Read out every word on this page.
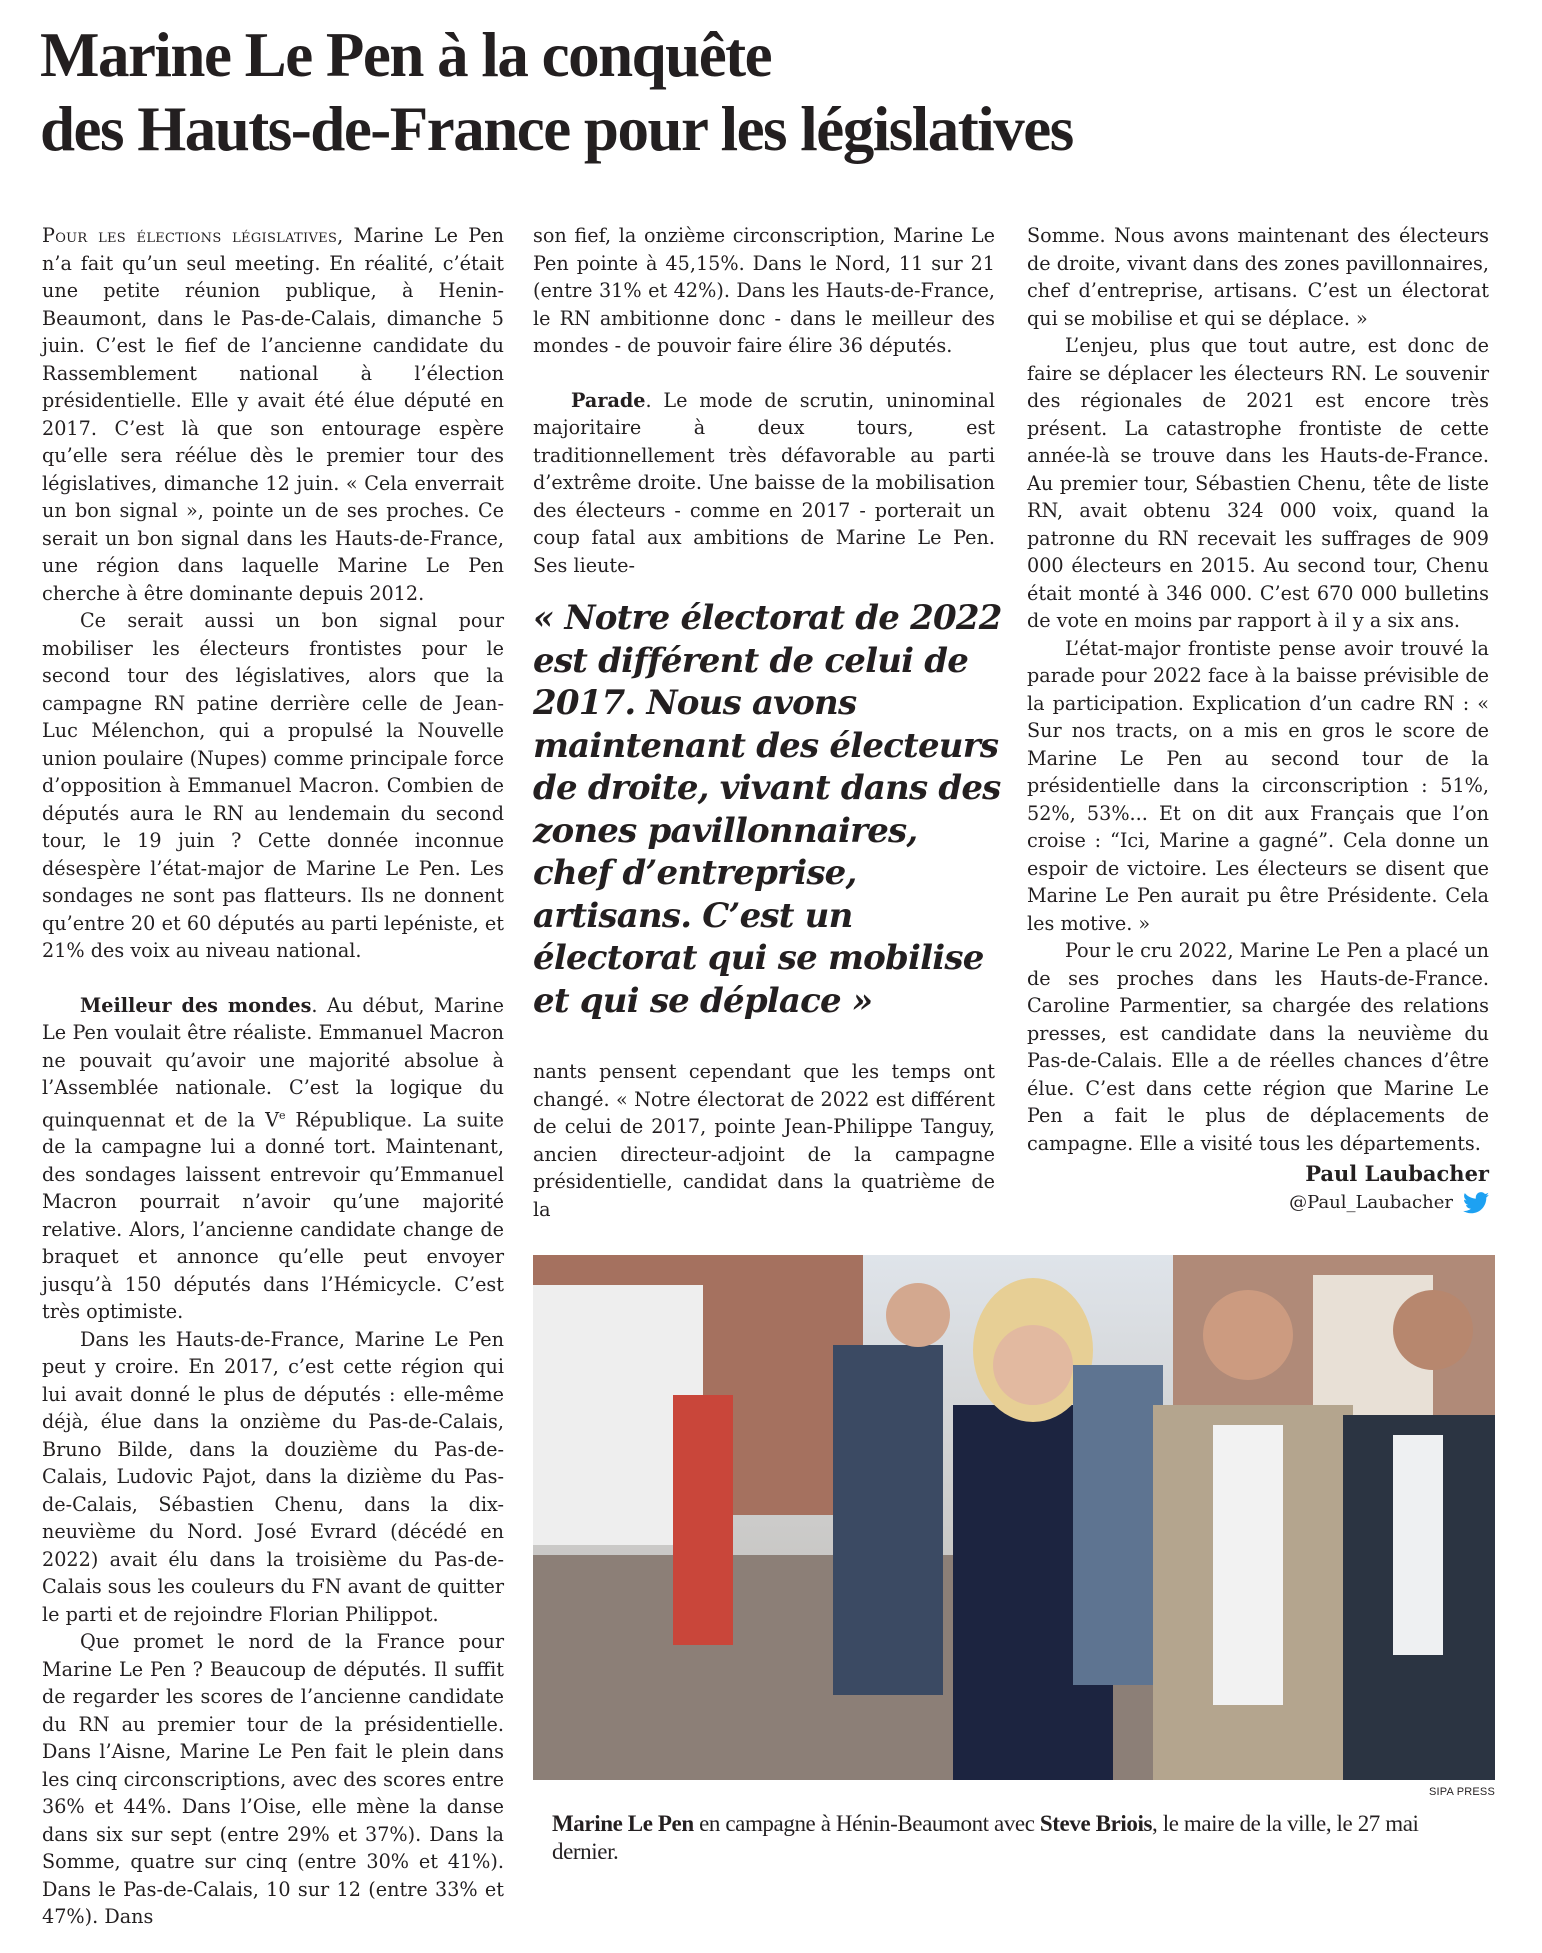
Marine Le Pen à la conquête
des Hauts-de-France pour les législatives

Pour les élections législatives, Marine Le Pen n’a fait qu’un seul meeting. En réalité, c’était une petite réunion publique, à Henin-Beaumont, dans le Pas-de-Calais, dimanche 5 juin. C’est le fief de l’ancienne candidate du Rassemblement national à l’élection présidentielle. Elle y avait été élue député en 2017. C’est là que son entourage espère qu’elle sera réélue dès le premier tour des législatives, dimanche 12 juin. « Cela enverrait un bon signal », pointe un de ses proches. Ce serait un bon signal dans les Hauts-de-France, une région dans laquelle Marine Le Pen cherche à être dominante depuis 2012.

Ce serait aussi un bon signal pour mobiliser les électeurs frontistes pour le second tour des législatives, alors que la campagne RN patine derrière celle de Jean-Luc Mélenchon, qui a propulsé la Nouvelle union poulaire (Nupes) comme principale force d’opposition à Emmanuel Macron. Combien de députés aura le RN au lendemain du second tour, le 19 juin ? Cette donnée inconnue désespère l’état-major de Marine Le Pen. Les sondages ne sont pas flatteurs. Ils ne donnent qu’entre 20 et 60 députés au parti lepéniste, et 21% des voix au niveau national.

Meilleur des mondes. Au début, Marine Le Pen voulait être réaliste. Emmanuel Macron ne pouvait qu’avoir une majorité absolue à l’Assemblée nationale. C’est la logique du quinquennat et de la Ve République. La suite de la campagne lui a donné tort. Maintenant, des sondages laissent entrevoir qu’Emmanuel Macron pourrait n’avoir qu’une majorité relative. Alors, l’ancienne candidate change de braquet et annonce qu’elle peut envoyer jusqu’à 150 députés dans l’Hémicycle. C’est très optimiste.

Dans les Hauts-de-France, Marine Le Pen peut y croire. En 2017, c’est cette région qui lui avait donné le plus de députés : elle-même déjà, élue dans la onzième du Pas-de-Calais, Bruno Bilde, dans la douzième du Pas-de-Calais, Ludovic Pajot, dans la dizième du Pas-de-Calais, Sébastien Chenu, dans la dix-neuvième du Nord. José Evrard (décédé en 2022) avait élu dans la troisième du Pas-de-Calais sous les couleurs du FN avant de quitter le parti et de rejoindre Florian Philippot.

Que promet le nord de la France pour Marine Le Pen ? Beaucoup de députés. Il suffit de regarder les scores de l’ancienne candidate du RN au premier tour de la présidentielle. Dans l’Aisne, Marine Le Pen fait le plein dans les cinq circonscriptions, avec des scores entre 36% et 44%. Dans l’Oise, elle mène la danse dans six sur sept (entre 29% et 37%). Dans la Somme, quatre sur cinq (entre 30% et 41%). Dans le Pas-de-Calais, 10 sur 12 (entre 33% et 47%). Dans

son fief, la onzième circonscription, Marine Le Pen pointe à 45,15%. Dans le Nord, 11 sur 21 (entre 31% et 42%). Dans les Hauts-de-France, le RN ambitionne donc - dans le meilleur des mondes - de pouvoir faire élire 36 députés.

Parade. Le mode de scrutin, uninominal majoritaire à deux tours, est traditionnellement très défavorable au parti d’extrême droite. Une baisse de la mobilisation des électeurs - comme en 2017 - porterait un coup fatal aux ambitions de Marine Le Pen. Ses lieute-

« Notre électorat de 2022 est différent de celui de 2017. Nous avons maintenant des électeurs de droite, vivant dans des zones pavillonnaires, chef d’entreprise, artisans. C’est un électorat qui se mobilise et qui se déplace »

nants pensent cependant que les temps ont changé. « Notre électorat de 2022 est différent de celui de 2017, pointe Jean-Philippe Tanguy, ancien directeur-adjoint de la campagne présidentielle, candidat dans la quatrième de la

Somme. Nous avons maintenant des électeurs de droite, vivant dans des zones pavillonnaires, chef d’entreprise, artisans. C’est un électorat qui se mobilise et qui se déplace. »

L’enjeu, plus que tout autre, est donc de faire se déplacer les électeurs RN. Le souvenir des régionales de 2021 est encore très présent. La catastrophe frontiste de cette année-là se trouve dans les Hauts-de-France. Au premier tour, Sébastien Chenu, tête de liste RN, avait obtenu 324 000 voix, quand la patronne du RN recevait les suffrages de 909 000 électeurs en 2015. Au second tour, Chenu était monté à 346 000. C’est 670 000 bulletins de vote en moins par rapport à il y a six ans.

L’état-major frontiste pense avoir trouvé la parade pour 2022 face à la baisse prévisible de la participation. Explication d’un cadre RN : « Sur nos tracts, on a mis en gros le score de Marine Le Pen au second tour de la présidentielle dans la circonscription : 51%, 52%, 53%... Et on dit aux Français que l’on croise : “Ici, Marine a gagné”. Cela donne un espoir de victoire. Les électeurs se disent que Marine Le Pen aurait pu être Présidente. Cela les motive. »

Pour le cru 2022, Marine Le Pen a placé un de ses proches dans les Hauts-de-France. Caroline Parmentier, sa chargée des relations presses, est candidate dans la neuvième du Pas-de-Calais. Elle a de réelles chances d’être élue. C’est dans cette région que Marine Le Pen a fait le plus de déplacements de campagne. Elle a visité tous les départements.

Paul Laubacher
@Paul_Laubacher
SIPA PRESS
Marine Le Pen en campagne à Hénin-Beaumont avec Steve Briois, le maire de la ville, le 27 mai dernier.
